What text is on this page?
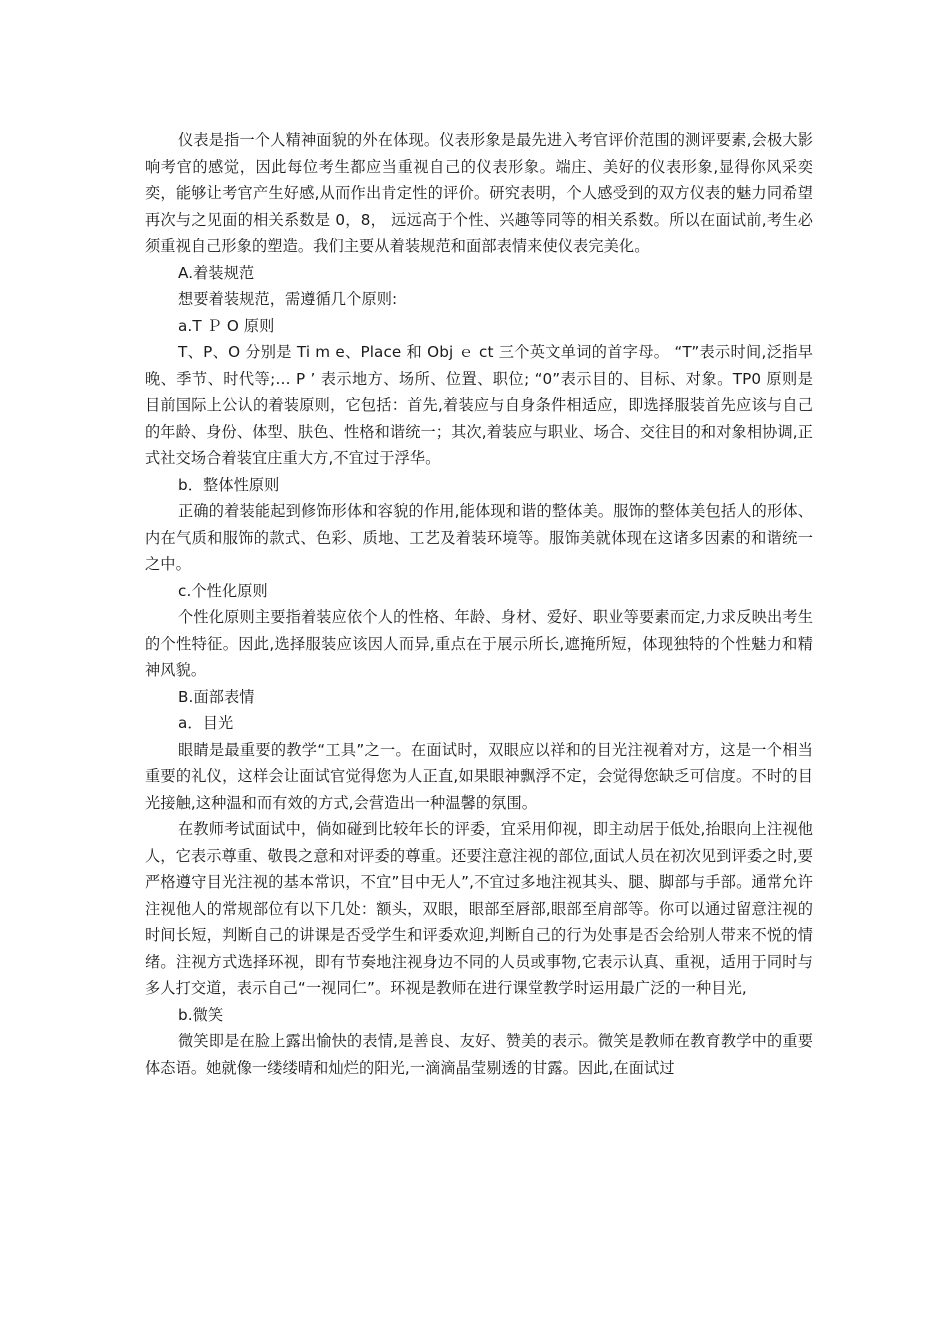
仪表是指一个人精神面貌的外在体现。仪表形象是最先进入考官评价范围的测评要素,会极大影响考官的感觉，因此每位考生都应当重视自己的仪表形象。端庄、美好的仪表形象,显得你风采奕奕，能够让考官产生好感,从而作出肯定性的评价。研究表明，个人感受到的双方仪表的魅力同希望再次与之见面的相关系数是 0，8， 远远高于个性、兴趣等同等的相关系数。所以在面试前,考生必须重视自己形象的塑造。我们主要从着装规范和面部表情来使仪表完美化。

A.着装规范

想要着装规范，需遵循几个原则:

a.T Ｐ O 原则

T、P、O 分别是 Ti m e、Place 和 Obj ｅ ct 三个英文单词的首字母。 “T”表示时间,泛指早晚、季节、时代等;… P ’ 表示地方、场所、位置、职位; “0”表示目的、目标、对象。TP0 原则是目前国际上公认的着装原则，它包括：首先,着装应与自身条件相适应，即选择服装首先应该与自己的年龄、身份、体型、肤色、性格和谐统一；其次,着装应与职业、场合、交往目的和对象相协调,正式社交场合着装宜庄重大方,不宜过于浮华。

b．整体性原则

正确的着装能起到修饰形体和容貌的作用,能体现和谐的整体美。服饰的整体美包括人的形体、内在气质和服饰的款式、色彩、质地、工艺及着装环境等。服饰美就体现在这诸多因素的和谐统一之中。

c.个性化原则

个性化原则主要指着装应依个人的性格、年龄、身材、爱好、职业等要素而定,力求反映出考生的个性特征。因此,选择服装应该因人而异,重点在于展示所长,遮掩所短，体现独特的个性魅力和精神风貌。

B.面部表情

a．目光

眼睛是最重要的教学“工具”之一。在面试时，双眼应以祥和的目光注视着对方，这是一个相当重要的礼仪，这样会让面试官觉得您为人正直,如果眼神飘浮不定，会觉得您缺乏可信度。不时的目光接触,这种温和而有效的方式,会营造出一种温馨的氛围。

在教师考试面试中，倘如碰到比较年长的评委，宜采用仰视，即主动居于低处,抬眼向上注视他人，它表示尊重、敬畏之意和对评委的尊重。还要注意注视的部位,面试人员在初次见到评委之时,要严格遵守目光注视的基本常识，不宜”目中无人”,不宜过多地注视其头、腿、脚部与手部。通常允许注视他人的常规部位有以下几处：额头，双眼，眼部至唇部,眼部至肩部等。你可以通过留意注视的时间长短，判断自己的讲课是否受学生和评委欢迎,判断自己的行为处事是否会给别人带来不悦的情绪。注视方式选择环视，即有节奏地注视身边不同的人员或事物,它表示认真、重视，适用于同时与多人打交道，表示自己“一视同仁”。环视是教师在进行课堂教学时运用最广泛的一种目光,

b.微笑

微笑即是在脸上露出愉快的表情,是善良、友好、赞美的表示。微笑是教师在教育教学中的重要体态语。她就像一缕缕晴和灿烂的阳光,一滴滴晶莹剔透的甘露。因此,在面试过
